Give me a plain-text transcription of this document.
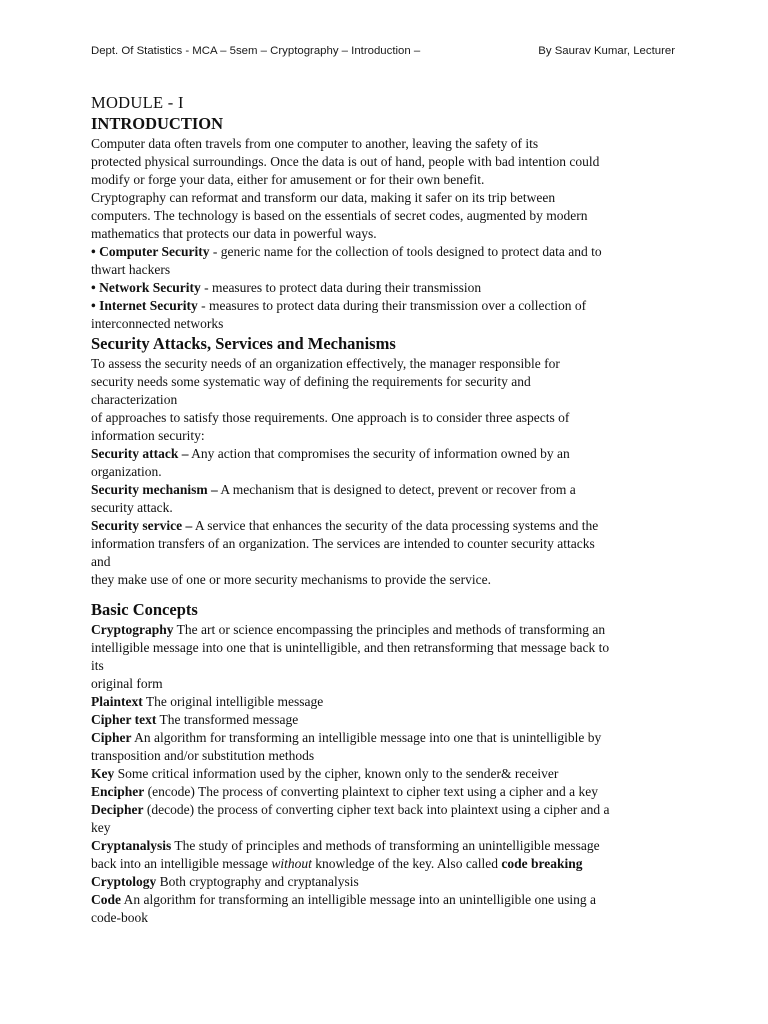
Dept. Of Statistics - MCA – 5sem – Cryptography – Introduction –	By Saurav Kumar, Lecturer
MODULE - I
INTRODUCTION

Computer data often travels from one computer to another, leaving the safety of its

protected physical surroundings. Once the data is out of hand, people with bad intention could

modify or forge your data, either for amusement or for their own benefit.

Cryptography can reformat and transform our data, making it safer on its trip between

computers. The technology is based on the essentials of secret codes, augmented by modern

mathematics that protects our data in powerful ways.

• Computer Security - generic name for the collection of tools designed to protect data and to

thwart hackers

• Network Security - measures to protect data during their transmission

• Internet Security - measures to protect data during their transmission over a collection of

interconnected networks

Security Attacks, Services and Mechanisms

To assess the security needs of an organization effectively, the manager responsible for

security needs some systematic way of defining the requirements for security and

characterization

of approaches to satisfy those requirements. One approach is to consider three aspects of

information security:

Security attack – Any action that compromises the security of information owned by an

organization.

Security mechanism – A mechanism that is designed to detect, prevent or recover from a

security attack.

Security service – A service that enhances the security of the data processing systems and the

information transfers of an organization. The services are intended to counter security attacks

and

they make use of one or more security mechanisms to provide the service.

Basic Concepts

Cryptography The art or science encompassing the principles and methods of transforming an

intelligible message into one that is unintelligible, and then retransforming that message back to

its

original form

Plaintext The original intelligible message

Cipher text The transformed message

Cipher An algorithm for transforming an intelligible message into one that is unintelligible by

transposition and/or substitution methods

Key Some critical information used by the cipher, known only to the sender& receiver

Encipher (encode) The process of converting plaintext to cipher text using a cipher and a key

Decipher (decode) the process of converting cipher text back into plaintext using a cipher and a

key

Cryptanalysis The study of principles and methods of transforming an unintelligible message

back into an intelligible message without knowledge of the key. Also called code breaking

Cryptology Both cryptography and cryptanalysis

Code An algorithm for transforming an intelligible message into an unintelligible one using a

code-book
